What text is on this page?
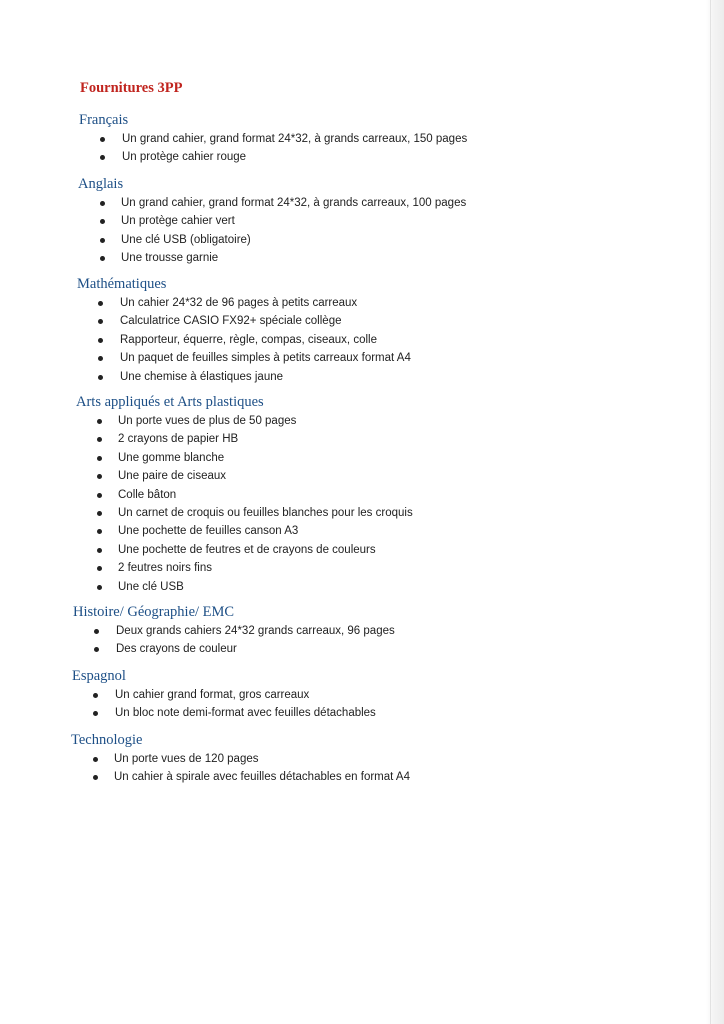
Fournitures 3PP
Français
Un grand cahier, grand format 24*32, à grands carreaux, 150 pages
Un protège cahier rouge
Anglais
Un grand cahier, grand format 24*32, à grands carreaux, 100 pages
Un protège cahier vert
Une clé USB (obligatoire)
Une trousse garnie
Mathématiques
Un cahier 24*32 de 96 pages à petits carreaux
Calculatrice CASIO FX92+ spéciale collège
Rapporteur, équerre, règle, compas, ciseaux, colle
Un paquet de feuilles simples à petits carreaux format A4
Une chemise à élastiques jaune
Arts appliqués et Arts plastiques
Un porte vues de plus de 50 pages
2 crayons de papier HB
Une gomme blanche
Une paire de ciseaux
Colle bâton
Un carnet de croquis ou feuilles blanches pour les croquis
Une pochette de feuilles canson A3
Une pochette de feutres et de crayons de couleurs
2 feutres noirs fins
Une clé USB
Histoire/ Géographie/ EMC
Deux grands cahiers 24*32 grands carreaux, 96 pages
Des crayons de couleur
Espagnol
Un cahier grand format, gros carreaux
Un bloc note demi-format avec feuilles détachables
Technologie
Un porte vues de 120 pages
Un cahier à spirale avec feuilles détachables en format A4
